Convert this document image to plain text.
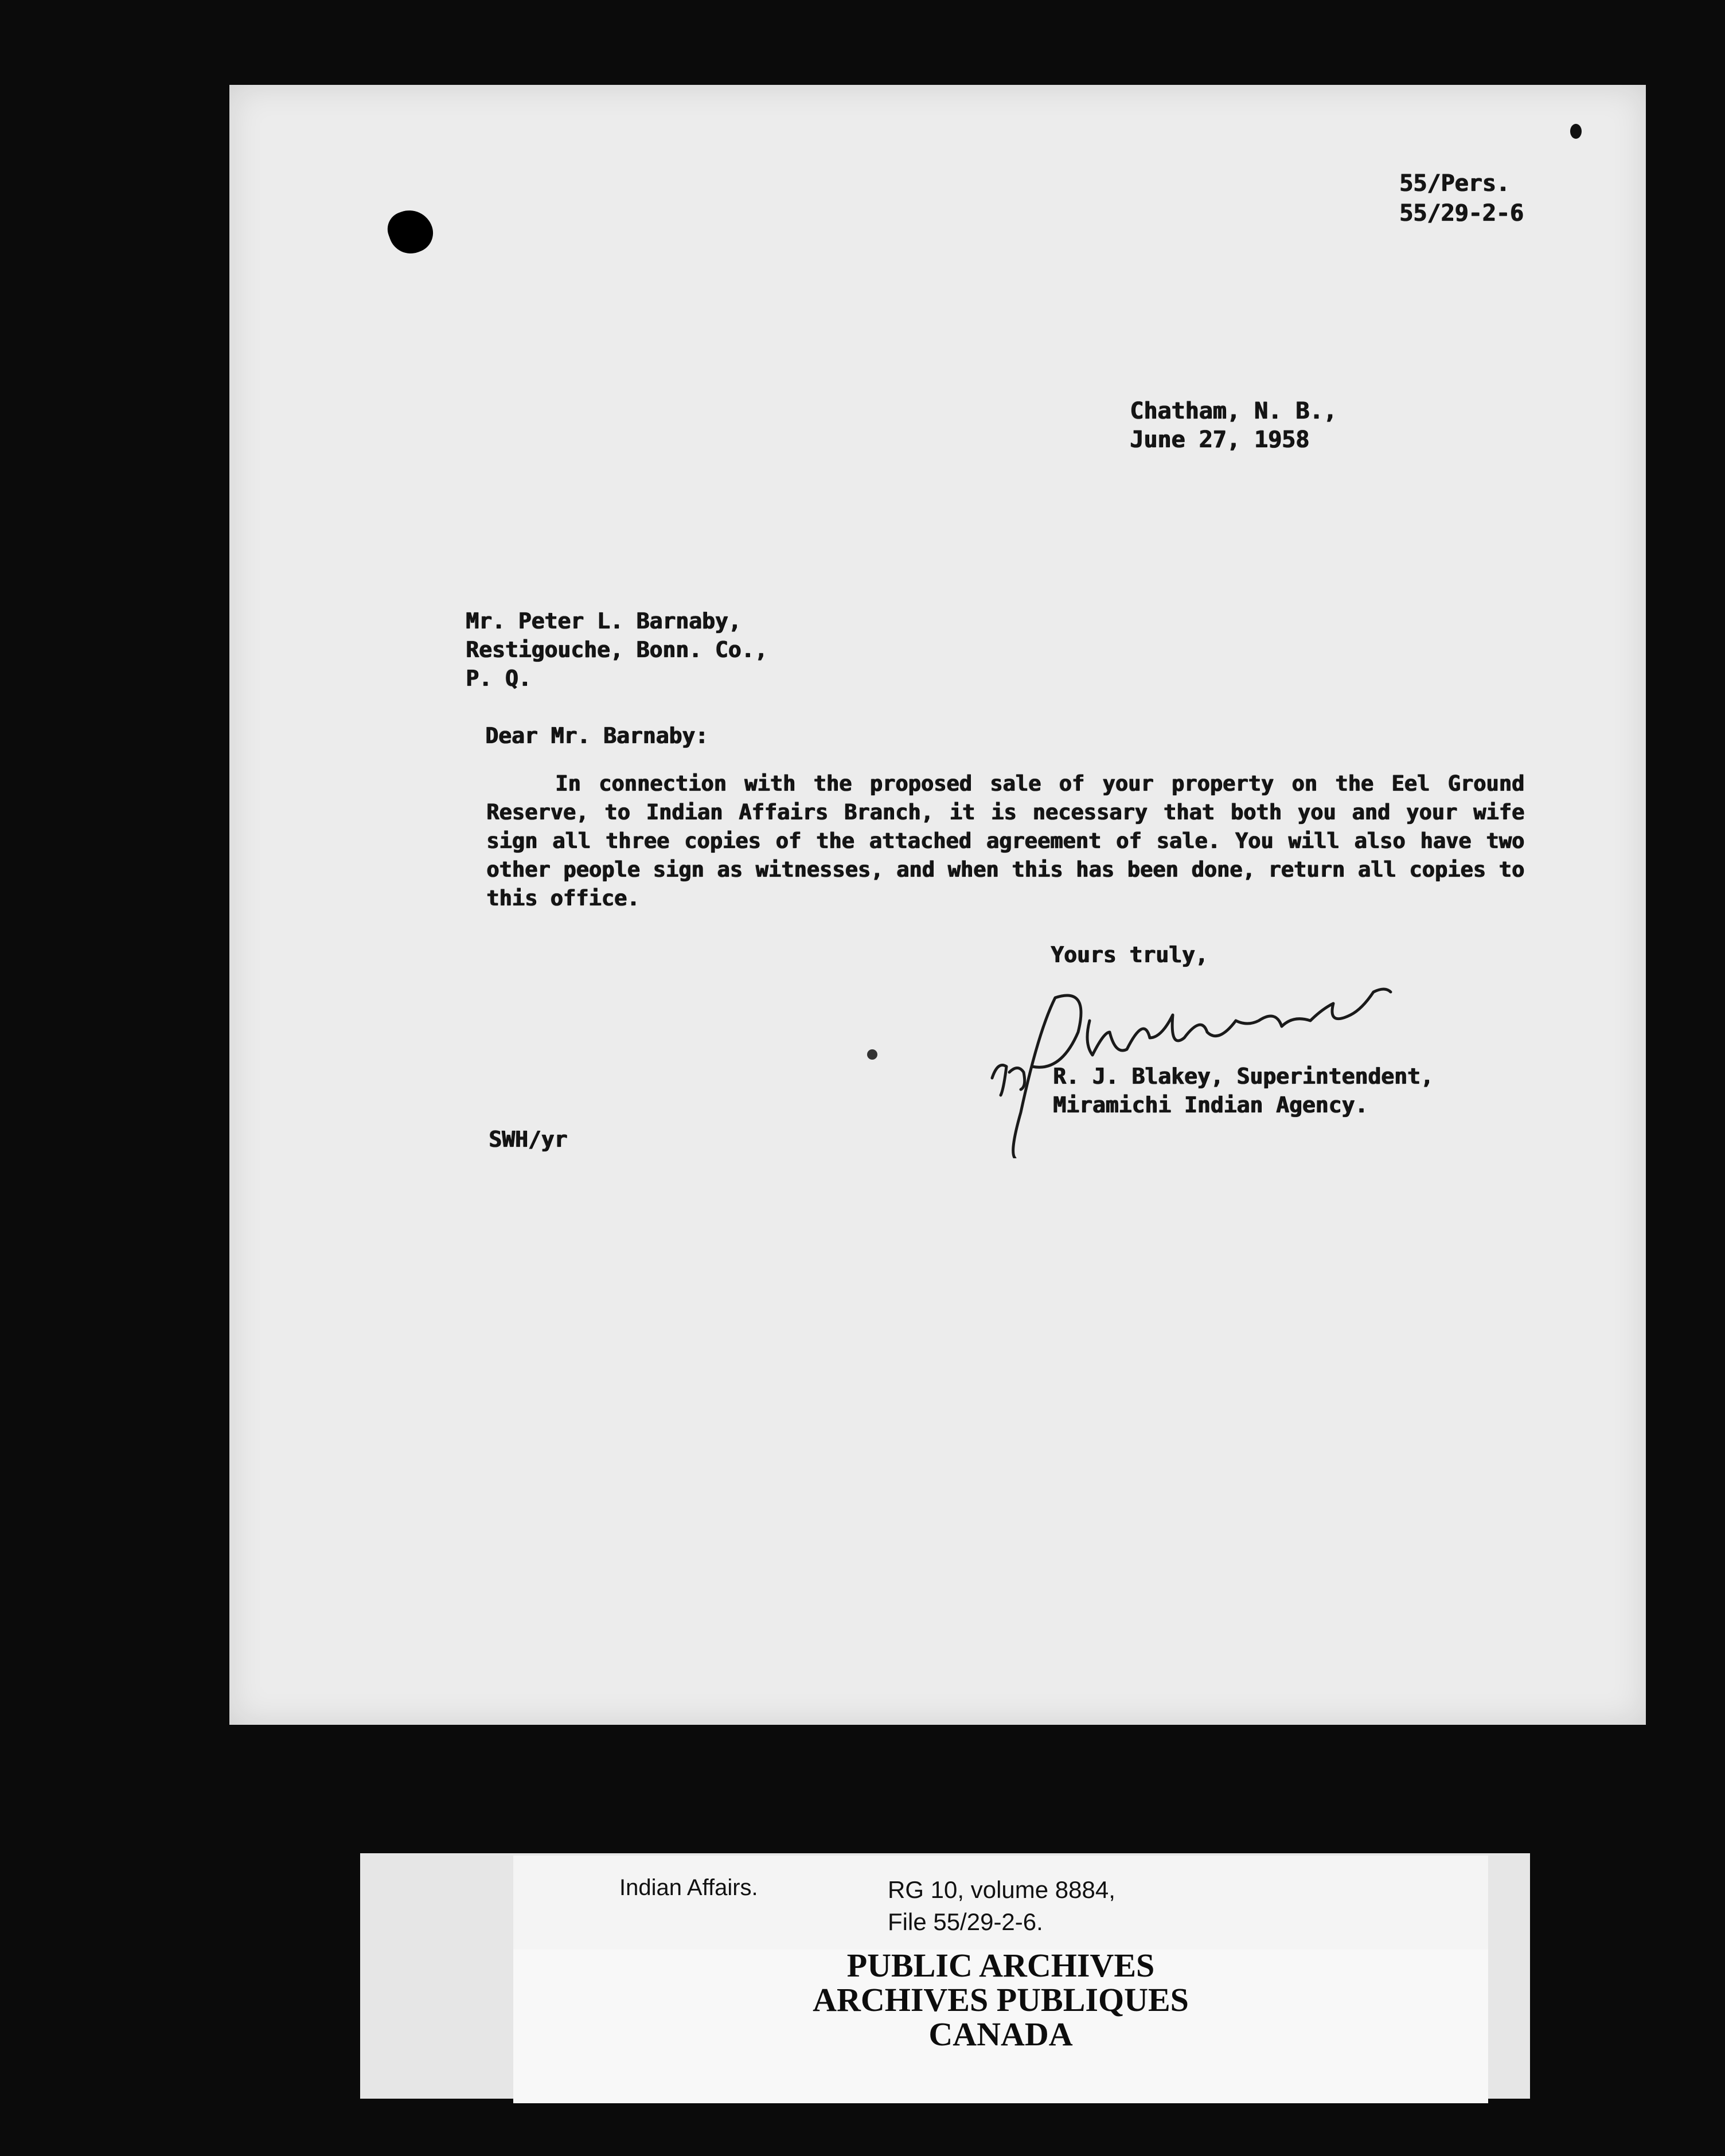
55/Pers.
55/29-2-6
Chatham, N. B.,
June 27, 1958
Mr. Peter L. Barnaby,
Restigouche, Bonn. Co.,
P. Q.
Dear Mr. Barnaby:
In connection with the proposed sale of your property on the Eel Ground Reserve, to Indian Affairs Branch, it is necessary that both you and your wife sign all three copies of the attached agreement of sale. You will also have two other people sign as witnesses, and when this has been done, return all copies to this office.
Yours truly,
R. J. Blakey, Superintendent,
Miramichi Indian Agency.
SWH/yr
Indian Affairs.	RG 10, volume 8884,
File 55/29-2-6.
PUBLIC ARCHIVES
ARCHIVES PUBLIQUES
CANADA
